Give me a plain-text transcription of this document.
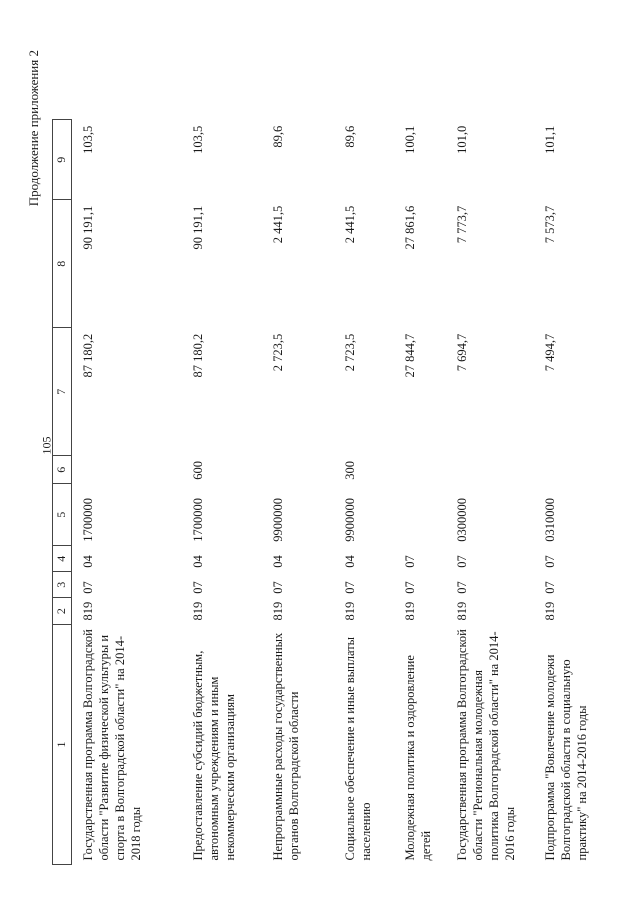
105
Продолжение приложения 2
1	2	3	4	5	6	7	8	9
Государственная программа Волгоградской области "Развитие физической культуры и спорта в Волгоградской области" на 2014-2018 годы	819	07	04	1700000		87 180,2	90 191,1	103,5
Предоставление субсидий бюджетным, автономным учреждениям и иным некоммерческим организациям	819	07	04	1700000	600	87 180,2	90 191,1	103,5
Непрограммные расходы государственных органов Волгоградской области	819	07	04	9900000		2 723,5	2 441,5	89,6
Социальное обеспечение и иные выплаты населению	819	07	04	9900000	300	2 723,5	2 441,5	89,6
Молодежная политика и оздоровление детей	819	07	07			27 844,7	27 861,6	100,1
Государственная программа Волгоградской области "Региональная молодежная политика Волгоградской области" на 2014-2016 годы	819	07	07	0300000		7 694,7	7 773,7	101,0
Подпрограмма "Вовлечение молодежи Волгоградской области в социальную практику" на 2014-2016 годы	819	07	07	0310000		7 494,7	7 573,7	101,1
